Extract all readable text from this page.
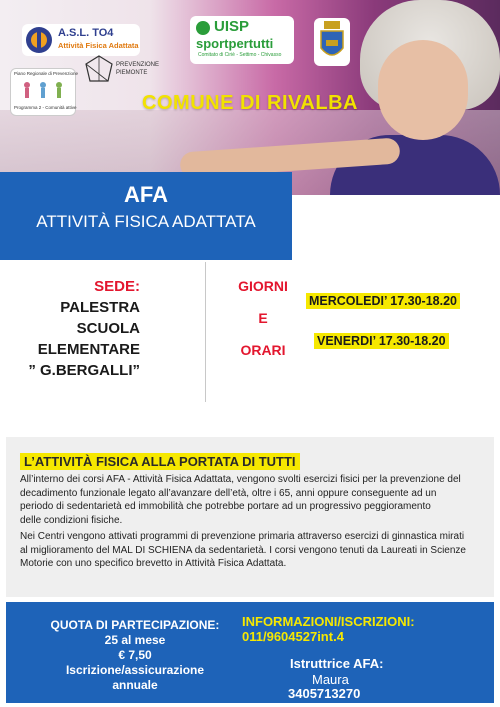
A.S.L. TO4
Attività Fisica Adattata
UISP
sportpertutti
Comitato di Ciriè - Settimo - Chivasso
PREVENZIONE
PIEMONTE
Piano Regionale di Prevenzione
Programma 2 - Comunità attive	COMUNE DI RIVALBA
AFA
ATTIVITÀ FISICA ADATTATA
SEDE:
PALESTRA
SCUOLA
ELEMENTARE
” G.BERGALLI”
GIORNI
E
ORARI
MERCOLEDI’ 17.30-18.20
VENERDI’ 17.30-18.20
L’ATTIVITÀ FISICA ALLA PORTATA DI TUTTI
All’interno dei corsi AFA - Attività Fisica Adattata, vengono svolti esercizi fisici per la prevenzione del
decadimento funzionale legato all’avanzare dell’età, oltre i 65, anni oppure conseguente ad un
periodo di sedentarietà ed immobilità che potrebbe portare ad un progressivo peggioramento
delle condizioni fisiche.
Nei Centri vengono attivati programmi di prevenzione primaria attraverso esercizi di ginnastica mirati
al miglioramento del MAL DI SCHIENA da sedentarietà. I corsi vengono tenuti da Laureati in Scienze
Motorie con uno specifico brevetto in Attività Fisica Adattata.
QUOTA DI PARTECIPAZIONE:
25 al mese
€ 7,50
Iscrizione/assicurazione
annuale
INFORMAZIONI/ISCRIZIONI:
011/9604527int.4
Istruttrice AFA:
Maura
3405713270
